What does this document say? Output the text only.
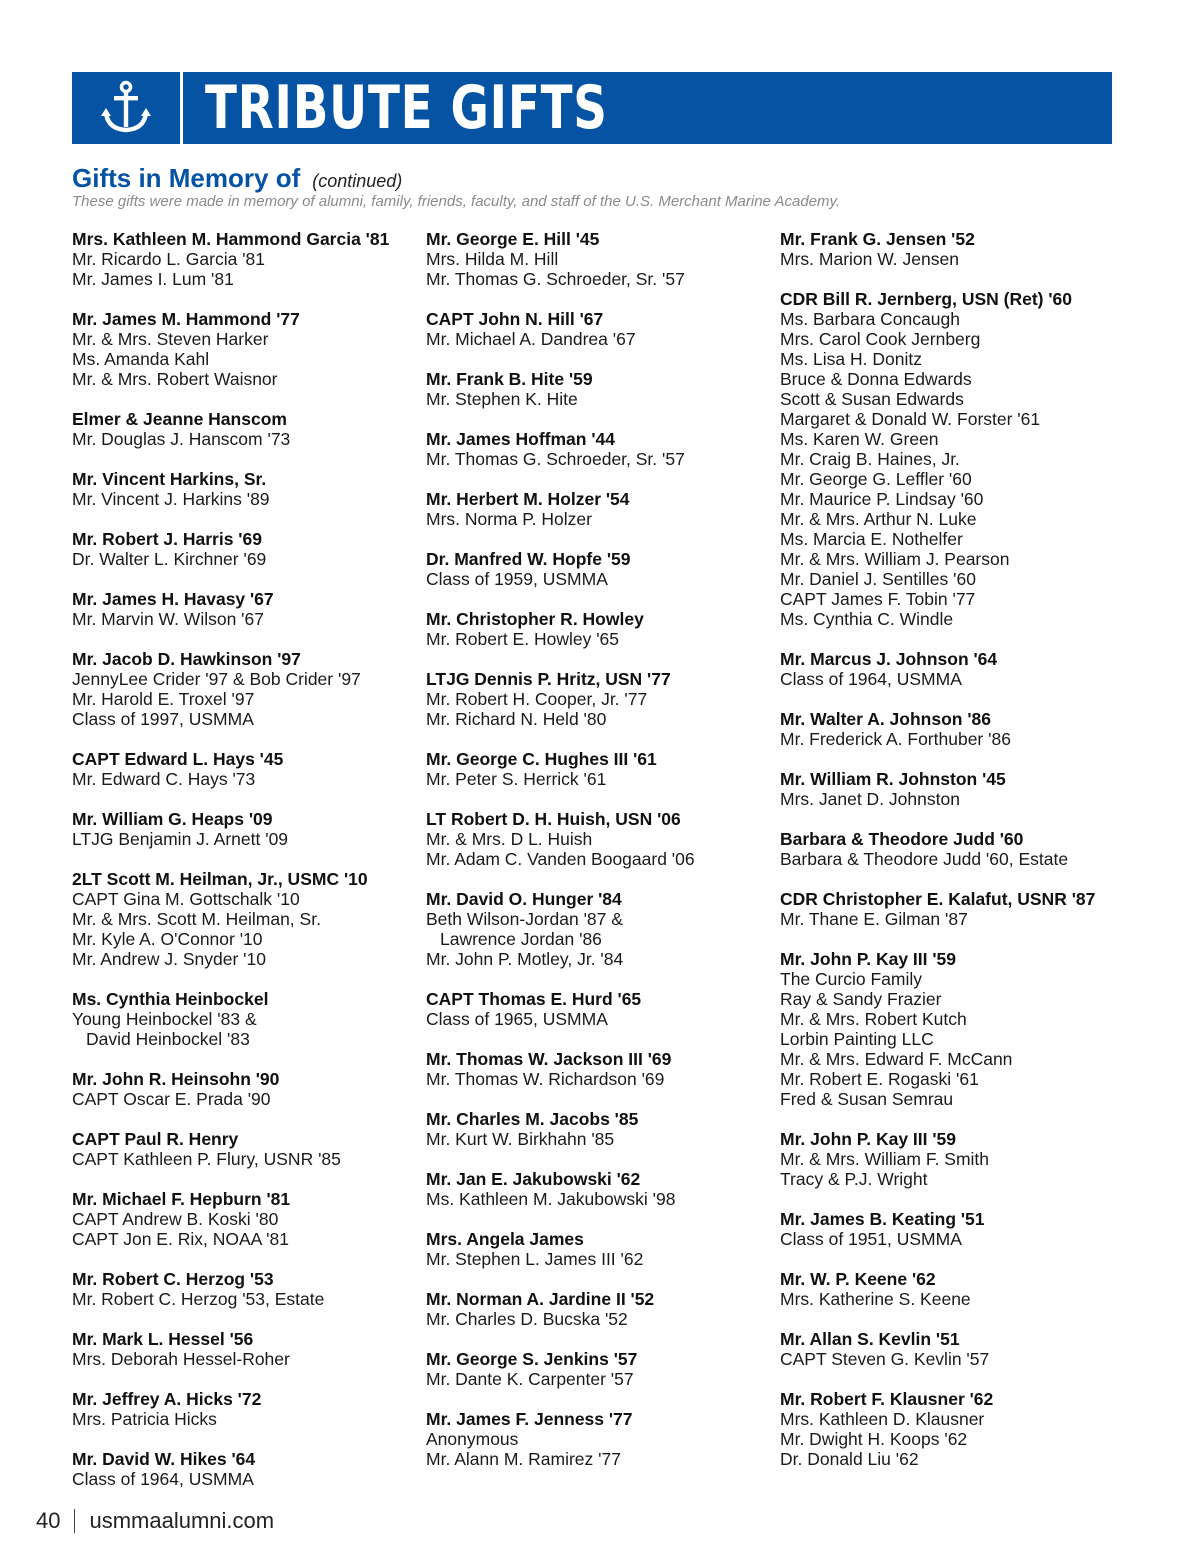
TRIBUTE GIFTS
Gifts in Memory of (continued)
These gifts were made in memory of alumni, family, friends, faculty, and staff of the U.S. Merchant Marine Academy.
Mrs. Kathleen M. Hammond Garcia '81
Mr. Ricardo L. Garcia '81
Mr. James I. Lum '81
Mr. James M. Hammond '77
Mr. & Mrs. Steven Harker
Ms. Amanda Kahl
Mr. & Mrs. Robert Waisnor
Elmer & Jeanne Hanscom
Mr. Douglas J. Hanscom '73
Mr. Vincent Harkins, Sr.
Mr. Vincent J. Harkins '89
Mr. Robert J. Harris '69
Dr. Walter L. Kirchner '69
Mr. James H. Havasy '67
Mr. Marvin W. Wilson '67
Mr. Jacob D. Hawkinson '97
JennyLee Crider '97 & Bob Crider '97
Mr. Harold E. Troxel '97
Class of 1997, USMMA
CAPT Edward L. Hays '45
Mr. Edward C. Hays '73
Mr. William G. Heaps '09
LTJG Benjamin J. Arnett '09
2LT Scott M. Heilman, Jr., USMC '10
CAPT Gina M. Gottschalk '10
Mr. & Mrs. Scott M. Heilman, Sr.
Mr. Kyle A. O'Connor '10
Mr. Andrew J. Snyder '10
Ms. Cynthia Heinbockel
Young Heinbockel '83 &
David Heinbockel '83
Mr. John R. Heinsohn '90
CAPT Oscar E. Prada '90
CAPT Paul R. Henry
CAPT Kathleen P. Flury, USNR '85
Mr. Michael F. Hepburn '81
CAPT Andrew B. Koski '80
CAPT Jon E. Rix, NOAA '81
Mr. Robert C. Herzog '53
Mr. Robert C. Herzog '53, Estate
Mr. Mark L. Hessel '56
Mrs. Deborah Hessel-Roher
Mr. Jeffrey A. Hicks '72
Mrs. Patricia Hicks
Mr. David W. Hikes '64
Class of 1964, USMMA
Mr. George E. Hill '45
Mrs. Hilda M. Hill
Mr. Thomas G. Schroeder, Sr. '57
CAPT John N. Hill '67
Mr. Michael A. Dandrea '67
Mr. Frank B. Hite '59
Mr. Stephen K. Hite
Mr. James Hoffman '44
Mr. Thomas G. Schroeder, Sr. '57
Mr. Herbert M. Holzer '54
Mrs. Norma P. Holzer
Dr. Manfred W. Hopfe '59
Class of 1959, USMMA
Mr. Christopher R. Howley
Mr. Robert E. Howley '65
LTJG Dennis P. Hritz, USN '77
Mr. Robert H. Cooper, Jr. '77
Mr. Richard N. Held '80
Mr. George C. Hughes III '61
Mr. Peter S. Herrick '61
LT Robert D. H. Huish, USN '06
Mr. & Mrs. D L. Huish
Mr. Adam C. Vanden Boogaard '06
Mr. David O. Hunger '84
Beth Wilson-Jordan '87 &
Lawrence Jordan '86
Mr. John P. Motley, Jr. '84
CAPT Thomas E. Hurd '65
Class of 1965, USMMA
Mr. Thomas W. Jackson III '69
Mr. Thomas W. Richardson '69
Mr. Charles M. Jacobs '85
Mr. Kurt W. Birkhahn '85
Mr. Jan E. Jakubowski '62
Ms. Kathleen M. Jakubowski '98
Mrs. Angela James
Mr. Stephen L. James III '62
Mr. Norman A. Jardine II '52
Mr. Charles D. Bucska '52
Mr. George S. Jenkins '57
Mr. Dante K. Carpenter '57
Mr. James F. Jenness '77
Anonymous
Mr. Alann M. Ramirez '77
Mr. Frank G. Jensen '52
Mrs. Marion W. Jensen
CDR Bill R. Jernberg, USN (Ret) '60
Ms. Barbara Concaugh
Mrs. Carol Cook Jernberg
Ms. Lisa H. Donitz
Bruce & Donna Edwards
Scott & Susan Edwards
Margaret & Donald W. Forster '61
Ms. Karen W. Green
Mr. Craig B. Haines, Jr.
Mr. George G. Leffler '60
Mr. Maurice P. Lindsay '60
Mr. & Mrs. Arthur N. Luke
Ms. Marcia E. Nothelfer
Mr. & Mrs. William J. Pearson
Mr. Daniel J. Sentilles '60
CAPT James F. Tobin '77
Ms. Cynthia C. Windle
Mr. Marcus J. Johnson '64
Class of 1964, USMMA
Mr. Walter A. Johnson '86
Mr. Frederick A. Forthuber '86
Mr. William R. Johnston '45
Mrs. Janet D. Johnston
Barbara & Theodore Judd '60
Barbara & Theodore Judd '60, Estate
CDR Christopher E. Kalafut, USNR '87
Mr. Thane E. Gilman '87
Mr. John P. Kay III '59
The Curcio Family
Ray & Sandy Frazier
Mr. & Mrs. Robert Kutch
Lorbin Painting LLC
Mr. & Mrs. Edward F. McCann
Mr. Robert E. Rogaski '61
Fred & Susan Semrau
Mr. John P. Kay III '59
Mr. & Mrs. William F. Smith
Tracy & P.J. Wright
Mr. James B. Keating '51
Class of 1951, USMMA
Mr. W. P. Keene '62
Mrs. Katherine S. Keene
Mr. Allan S. Kevlin '51
CAPT Steven G. Kevlin '57
Mr. Robert F. Klausner '62
Mrs. Kathleen D. Klausner
Mr. Dwight H. Koops '62
Dr. Donald Liu '62
40 usmmaalumni.com
